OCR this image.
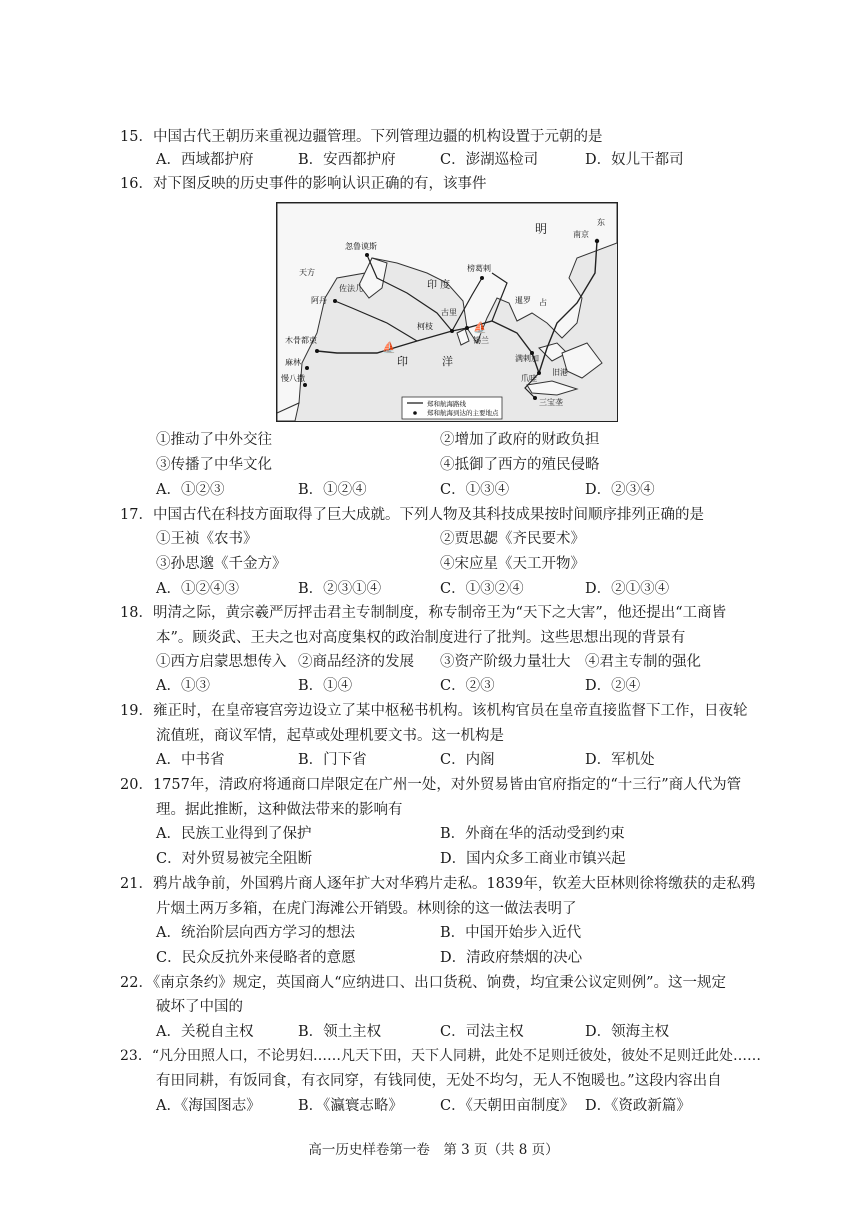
15．中国古代王朝历来重视边疆管理。下列管理边疆的机构设置于元朝的是
A．西域都护府	B．安西都护府	C．澎湖巡检司	D．奴儿干都司
16．对下图反映的历史事件的影响认识正确的有，该事件
⛵
⛵
明	南京
东
忽鲁谟斯
天方
佐法儿
阿丹
印 度
榜葛剌
古里
柯枝
锡兰
木骨都束
麻林
慢八撒
印	洋
暹罗 占
满剌加
旧港
爪哇
三宝垄
郑和航海路线
郑和航海到达的主要地点
①推动了中外交往	②增加了政府的财政负担
③传播了中华文化	④抵御了西方的殖民侵略
A．①②③	B．①②④	C．①③④	D．②③④
17．中国古代在科技方面取得了巨大成就。下列人物及其科技成果按时间顺序排列正确的是
①王祯《农书》	②贾思勰《齐民要术》
③孙思邈《千金方》	④宋应星《天工开物》
A．①②④③	B．②③①④	C．①③②④	D．②①③④
18．明清之际，黄宗羲严厉抨击君主专制制度，称专制帝王为“天下之大害”，他还提出“工商皆
本”。顾炎武、王夫之也对高度集权的政治制度进行了批判。这些思想出现的背景有
①西方启蒙思想传入 ②商品经济的发展 ③资产阶级力量壮大 ④君主专制的强化
A．①③	B．①④	C．②③	D．②④
19．雍正时，在皇帝寝宫旁边设立了某中枢秘书机构。该机构官员在皇帝直接监督下工作，日夜轮
流值班，商议军情，起草或处理机要文书。这一机构是
A．中书省	B．门下省	C．内阁	D．军机处
20．1757年，清政府将通商口岸限定在广州一处，对外贸易皆由官府指定的“十三行”商人代为管
理。据此推断，这种做法带来的影响有
A．民族工业得到了保护	B．外商在华的活动受到约束
C．对外贸易被完全阻断	D．国内众多工商业市镇兴起
21．鸦片战争前，外国鸦片商人逐年扩大对华鸦片走私。1839年，钦差大臣林则徐将缴获的走私鸦
片烟土两万多箱，在虎门海滩公开销毁。林则徐的这一做法表明了
A．统治阶层向西方学习的想法	B．中国开始步入近代
C．民众反抗外来侵略者的意愿	D．清政府禁烟的决心
22．《南京条约》规定，英国商人“应纳进口、出口货税、饷费，均宜秉公议定则例”。这一规定
破坏了中国的
A．关税自主权	B．领土主权	C．司法主权	D．领海主权
23．“凡分田照人口，不论男妇……凡天下田，天下人同耕，此处不足则迁彼处，彼处不足则迁此处……
有田同耕，有饭同食，有衣同穿，有钱同使，无处不均匀，无人不饱暖也。”这段内容出自
A．《海国图志》	B．《瀛寰志略》	C．《天朝田亩制度》 D．《资政新篇》
高一历史样卷第一卷　第 3 页（共 8 页）
